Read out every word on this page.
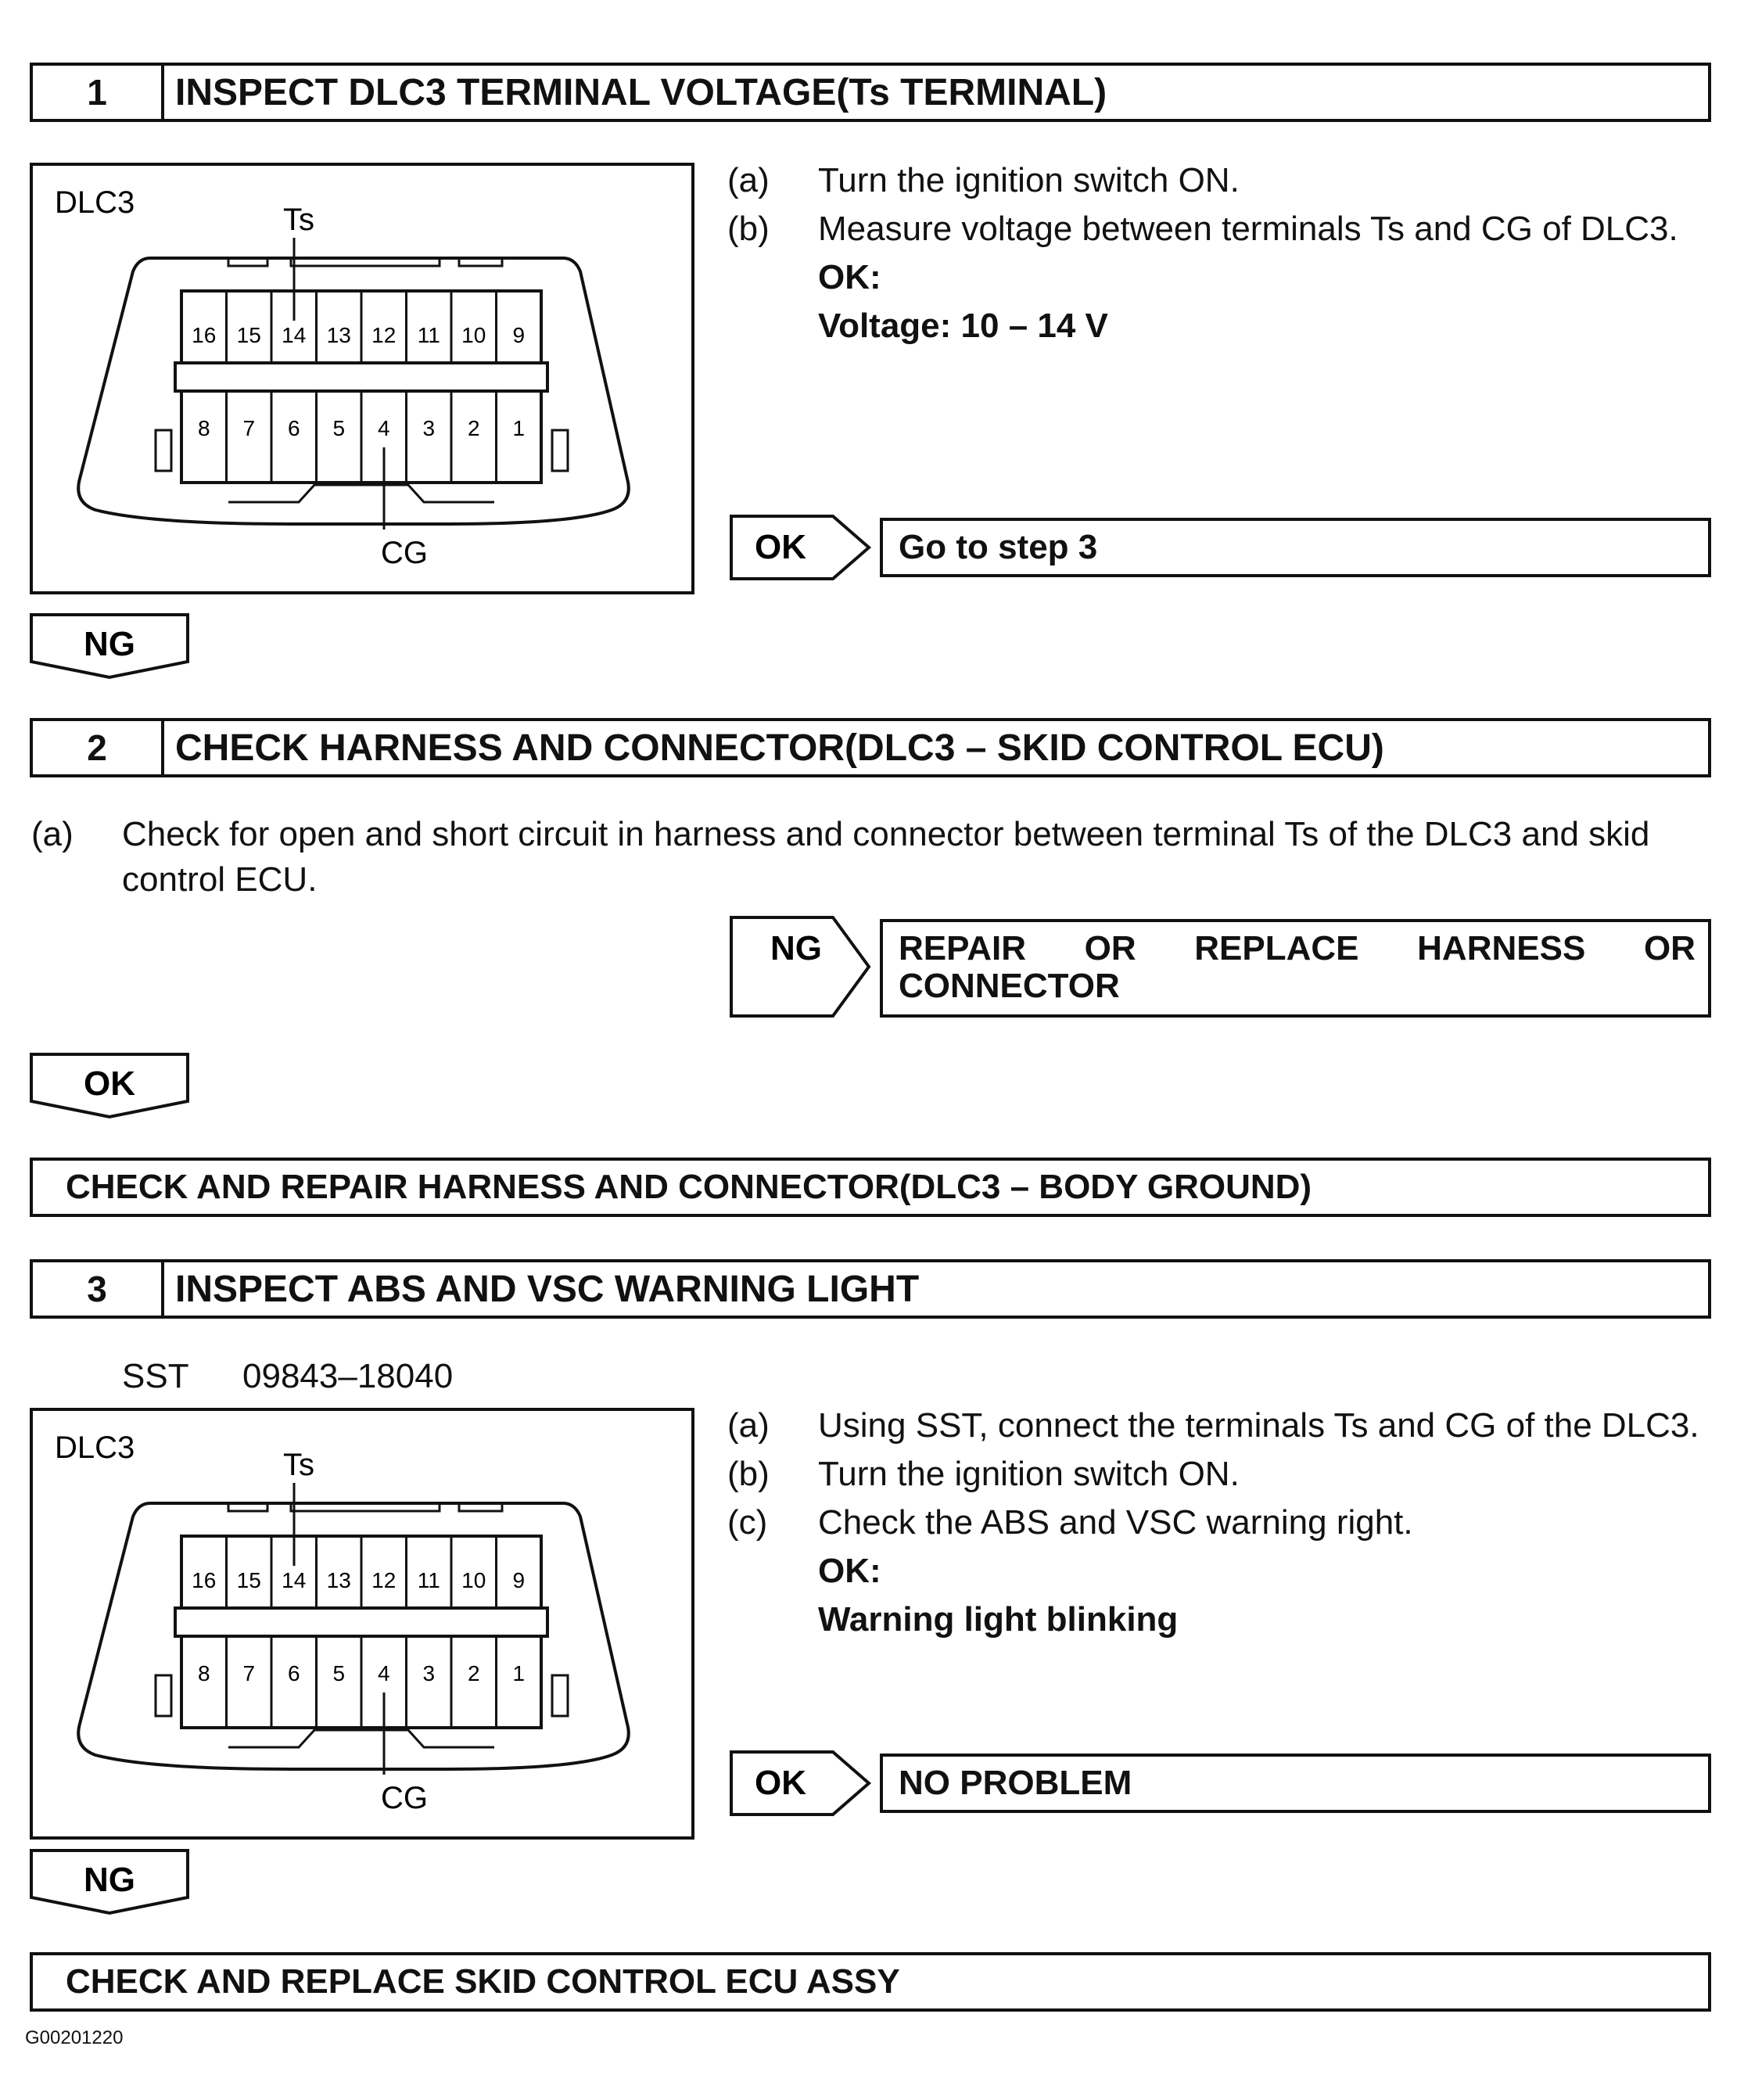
1	INSPECT DLC3 TERMINAL VOLTAGE(Ts TERMINAL)
DLC3	Ts
CG
16 15 14 13 12 11 10 9
8 7 6 5 4 3 2 1
(a) Turn the ignition switch ON.
(b) Measure voltage between terminals Ts and CG of DLC3.
OK:
Voltage: 10 – 14 V
OK	Go to step 3
NG
2	CHECK HARNESS AND CONNECTOR(DLC3 – SKID CONTROL ECU)
(a) Check for open and short circuit in harness and connector between terminal Ts of the DLC3 and skid
control ECU.
NG REPAIR OR REPLACE HARNESS OR
CONNECTOR
OK
CHECK AND REPAIR HARNESS AND CONNECTOR(DLC3 – BODY GROUND)
3	INSPECT ABS AND VSC WARNING LIGHT
SST 09843–18040
DLC3	Ts
CG
16 15 14 13 12 11 10 9
8 7 6 5 4 3 2 1
(a) Using SST, connect the terminals Ts and CG of the DLC3.
(b) Turn the ignition switch ON.
(c) Check the ABS and VSC warning right.
OK:
Warning light blinking
OK	NO PROBLEM
NG
CHECK AND REPLACE SKID CONTROL ECU ASSY
G00201220
